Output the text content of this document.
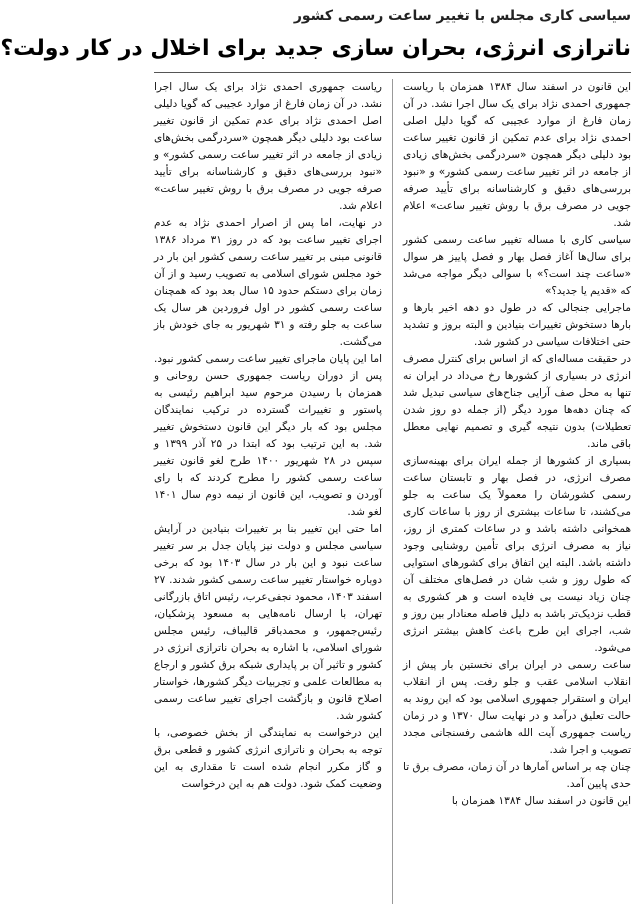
سیاسی کاری مجلس با تغییر ساعت رسمی کشور
ناترازی انرژی، بحران سازی جدید برای اخلال در کار دولت؟

این قانون در اسفند سال ۱۳۸۴ همزمان با ریاست جمهوری احمدی نژاد برای یک سال اجرا نشد. در آن زمان فارغ از موارد عجیبی که گویا دلیل اصلی احمدی نژاد برای عدم تمکین از قانون تغییر ساعت بود دلیلی دیگر همچون «سردرگمی بخش‌های زیادی از جامعه در اثر تغییر ساعت رسمی کشور» و «نبود بررسی‌های دقیق و کارشناسانه برای تأیید صرفه جویی در مصرف برق با روش تغییر ساعت» اعلام شد.

سیاسی کاری با مساله تغییر ساعت رسمی کشور برای سال‌ها آغاز فصل بهار و فصل پاییز هر سوال «ساعت چند است؟» با سوالی دیگر مواجه می‌شد که «قدیم یا جدید؟»

ماجرایی جنجالی که در طول دو دهه اخیر بارها و بارها دستخوش تغییرات بنیادین و البته بروز و تشدید حتی اختلافات سیاسی در کشور شد.

در حقیقت مساله‌ای که از اساس برای کنترل مصرف انرژی در بسیاری از کشورها رخ می‌داد در ایران نه تنها به محل صف آرایی جناح‌های سیاسی تبدیل شد که چنان دهه‌ها مورد دیگر (از جمله دو روز شدن تعطیلات) بدون نتیجه گیری و تصمیم نهایی معطل باقی ماند.

بسیاری از کشورها از جمله ایران برای بهینه‌سازی مصرف انرژی، در فصل بهار و تابستان ساعت رسمی کشورشان را معمولاً یک ساعت به جلو می‌کشند، تا ساعات بیشتری از روز با ساعات کاری همخوانی داشته باشد و در ساعات کمتری از روز، نیاز به مصرف انرژی برای تأمین روشنایی وجود داشته باشد. البته این اتفاق برای کشورهای استوایی که طول روز و شب شان در فصل‌های مختلف آن چنان زیاد نیست بی فایده است و هر کشوری به قطب نزدیک‌تر باشد به دلیل فاصله معنادار بین روز و شب، اجرای این طرح باعث کاهش بیشتر انرژی می‌شود.

ساعت رسمی در ایران برای نخستین بار پیش از انقلاب اسلامی عقب و جلو رفت. پس از انقلاب ایران و استقرار جمهوری اسلامی بود که این روند به حالت تعلیق درآمد و در نهایت سال ۱۳۷۰ و در زمان ریاست جمهوری آیت الله هاشمی رفسنجانی مجدد تصویب و اجرا شد.

چنان چه بر اساس آمارها در آن زمان، مصرف برق تا حدی پایین آمد.

این قانون در اسفند سال ۱۳۸۴ همزمان با

ریاست جمهوری احمدی نژاد برای یک سال اجرا نشد. در آن زمان فارغ از موارد عجیبی که گویا دلیلی اصل احمدی نژاد برای عدم تمکین از قانون تغییر ساعت بود دلیلی دیگر همچون «سردرگمی بخش‌های زیادی از جامعه در اثر تغییر ساعت رسمی کشور» و «نبود بررسی‌های دقیق و کارشناسانه برای تأیید صرفه جویی در مصرف برق با روش تغییر ساعت» اعلام شد.

در نهایت، اما پس از اصرار احمدی نژاد به عدم اجرای تغییر ساعت بود که در روز ۳۱ مرداد ۱۳۸۶ قانونی مبنی بر تغییر ساعت رسمی کشور این بار در خود مجلس شورای اسلامی به تصویب رسید و از آن زمان برای دستکم حدود ۱۵ سال بعد بود که همچنان ساعت رسمی کشور در اول فروردین هر سال یک ساعت به جلو رفته و ۳۱ شهریور به جای خودش باز می‌گشت.

اما این پایان ماجرای تغییر ساعت رسمی کشور نبود. پس از دوران ریاست جمهوری حسن روحانی و همزمان با رسیدن مرحوم سید ابراهیم رئیسی به پاستور و تغییرات گسترده در ترکیب نمایندگان مجلس بود که بار دیگر این قانون دستخوش تغییر شد. به این ترتیب بود که ابتدا در ۲۵ آذر ۱۳۹۹ و سپس در ۲۸ شهریور ۱۴۰۰ طرح لغو قانون تغییر ساعت رسمی کشور را مطرح کردند که با رای آوردن و تصویب، این قانون از نیمه دوم سال ۱۴۰۱ لغو شد.

اما حتی این تغییر بنا بر تغییرات بنیادین در آرایش سیاسی مجلس و دولت نیز پایان جدل بر سر تغییر ساعت نبود و این بار در سال ۱۴۰۳ بود که برخی دوباره خواستار تغییر ساعت رسمی کشور شدند. ۲۷ اسفند ۱۴۰۳، محمود نجفی‌عرب، رئیس اتاق بازرگانی تهران، با ارسال نامه‌هایی به مسعود پزشکیان، رئیس‌جمهور، و محمدباقر قالیباف، رئیس مجلس شورای اسلامی، با اشاره به بحران ناترازی انرژی در کشور و تاثیر آن بر پایداری شبکه برق کشور و ارجاع به مطالعات علمی و تجربیات دیگر کشورها، خواستار اصلاح قانون و بازگشت اجرای تغییر ساعت رسمی کشور شد.

این درخواست به نمایندگی از بخش خصوصی، با توجه به بحران و ناترازی انرژی کشور و قطعی برق و گاز مکرر انجام شده است تا مقداری به این وضعیت کمک شود. دولت هم به این درخواست
